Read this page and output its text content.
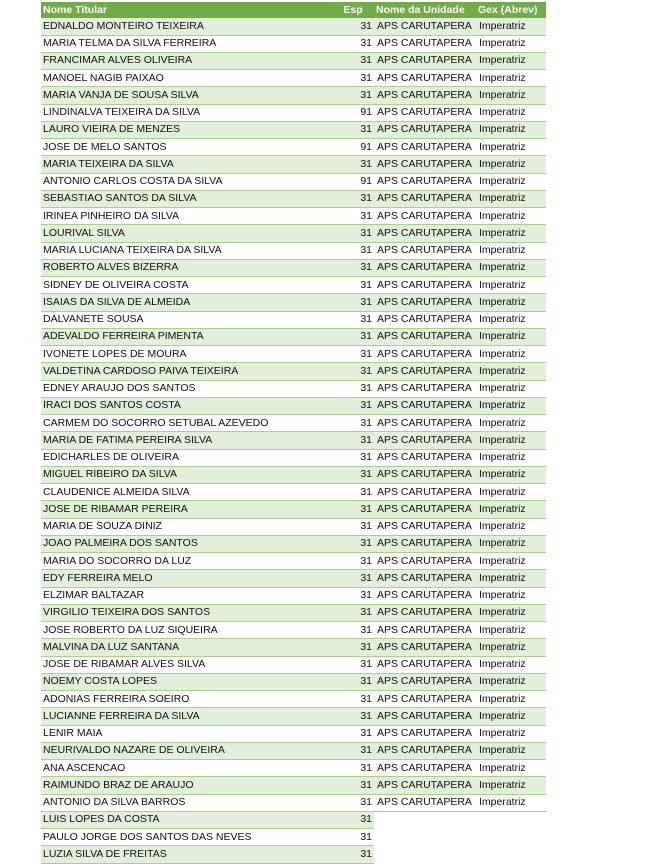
Nome Titular	Esp	Nome da Unidade	Gex (Abrev)
EDNALDO MONTEIRO TEIXEIRA	31	APS CARUTAPERA	Imperatriz
MARIA TELMA DA SILVA FERREIRA	31	APS CARUTAPERA	Imperatriz
FRANCIMAR ALVES OLIVEIRA	31	APS CARUTAPERA	Imperatriz
MANOEL NAGIB PAIXAO	31	APS CARUTAPERA	Imperatriz
MARIA VANJA DE SOUSA SILVA	31	APS CARUTAPERA	Imperatriz
LINDINALVA TEIXEIRA DA SILVA	91	APS CARUTAPERA	Imperatriz
LAURO VIEIRA DE MENZES	31	APS CARUTAPERA	Imperatriz
JOSE DE MELO SANTOS	91	APS CARUTAPERA	Imperatriz
MARIA TEIXEIRA DA SILVA	31	APS CARUTAPERA	Imperatriz
ANTONIO CARLOS COSTA DA SILVA	91	APS CARUTAPERA	Imperatriz
SEBASTIAO SANTOS DA SILVA	31	APS CARUTAPERA	Imperatriz
IRINEA PINHEIRO DA SILVA	31	APS CARUTAPERA	Imperatriz
LOURIVAL SILVA	31	APS CARUTAPERA	Imperatriz
MARIA LUCIANA TEIXEIRA DA SILVA	31	APS CARUTAPERA	Imperatriz
ROBERTO ALVES BIZERRA	31	APS CARUTAPERA	Imperatriz
SIDNEY DE OLIVEIRA COSTA	31	APS CARUTAPERA	Imperatriz
ISAIAS DA SILVA DE ALMEIDA	31	APS CARUTAPERA	Imperatriz
DALVANETE SOUSA	31	APS CARUTAPERA	Imperatriz
ADEVALDO FERREIRA PIMENTA	31	APS CARUTAPERA	Imperatriz
IVONETE LOPES DE MOURA	31	APS CARUTAPERA	Imperatriz
VALDETINA CARDOSO PAIVA TEIXEIRA	31	APS CARUTAPERA	Imperatriz
EDNEY ARAUJO DOS SANTOS	31	APS CARUTAPERA	Imperatriz
IRACI DOS SANTOS COSTA	31	APS CARUTAPERA	Imperatriz
CARMEM DO SOCORRO SETUBAL AZEVEDO	31	APS CARUTAPERA	Imperatriz
MARIA DE FATIMA PEREIRA SILVA	31	APS CARUTAPERA	Imperatriz
EDICHARLES DE OLIVEIRA	31	APS CARUTAPERA	Imperatriz
MIGUEL RIBEIRO DA SILVA	31	APS CARUTAPERA	Imperatriz
CLAUDENICE ALMEIDA SILVA	31	APS CARUTAPERA	Imperatriz
JOSE DE RIBAMAR PEREIRA	31	APS CARUTAPERA	Imperatriz
MARIA DE SOUZA DINIZ	31	APS CARUTAPERA	Imperatriz
JOAO PALMEIRA DOS SANTOS	31	APS CARUTAPERA	Imperatriz
MARIA DO SOCORRO DA LUZ	31	APS CARUTAPERA	Imperatriz
EDY FERREIRA MELO	31	APS CARUTAPERA	Imperatriz
ELZIMAR BALTAZAR	31	APS CARUTAPERA	Imperatriz
VIRGILIO TEIXEIRA DOS SANTOS	31	APS CARUTAPERA	Imperatriz
JOSE ROBERTO DA LUZ SIQUEIRA	31	APS CARUTAPERA	Imperatriz
MALVINA DA LUZ SANTANA	31	APS CARUTAPERA	Imperatriz
JOSE DE RIBAMAR ALVES SILVA	31	APS CARUTAPERA	Imperatriz
NOEMY COSTA LOPES	31	APS CARUTAPERA	Imperatriz
ADONIAS FERREIRA SOEIRO	31	APS CARUTAPERA	Imperatriz
LUCIANNE FERREIRA DA SILVA	31	APS CARUTAPERA	Imperatriz
LENIR MAIA	31	APS CARUTAPERA	Imperatriz
NEURIVALDO NAZARE DE OLIVEIRA	31	APS CARUTAPERA	Imperatriz
ANA ASCENCAO	31	APS CARUTAPERA	Imperatriz
RAIMUNDO BRAZ DE ARAUJO	31	APS CARUTAPERA	Imperatriz
ANTONIO DA SILVA BARROS	31	APS CARUTAPERA	Imperatriz
LUIS LOPES DA COSTA	31		
PAULO JORGE DOS SANTOS DAS NEVES	31		
LUZIA SILVA DE FREITAS	31		
